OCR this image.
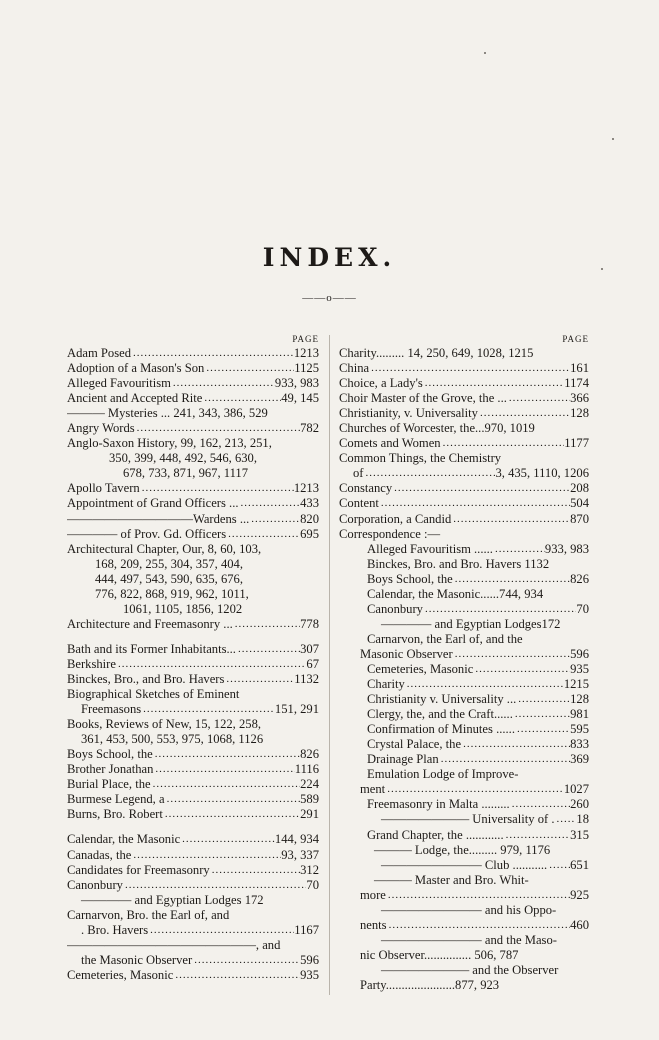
INDEX.
——o——
PAGE
Adam Posed .....	1213
Adoption of a Mason's Son .....	1125
Alleged Favouritism .....	933, 983
Ancient and Accepted Rite .....	49, 145
——— Mysteries ... 241, 343, 386, 529
Angry Words .....	782
Anglo-Saxon History, 99, 162, 213, 251,
350, 399, 448, 492, 546, 630,
678, 733, 871, 967, 1117
Apollo Tavern .....	1213
Appointment of Grand Officers ... .....	433
——————————Wardens ... .....	820
———— of Prov. Gd. Officers .....	695
Architectural Chapter, Our, 8, 60, 103,
168, 209, 255, 304, 357, 404,
444, 497, 543, 590, 635, 676,
776, 822, 868, 919, 962, 1011,
1061, 1105, 1856, 1202
Architecture and Freemasonry ... .....	778
Bath and its Former Inhabitants... .....	307
Berkshire .....	67
Binckes, Bro., and Bro. Havers .....	1132
Biographical Sketches of Eminent
Freemasons .....	151, 291
Books, Reviews of New, 15, 122, 258,
361, 453, 500, 553, 975, 1068, 1126
Boys School, the .....	826
Brother Jonathan .....	1116
Burial Place, the .....	224
Burmese Legend, a .....	589
Burns, Bro. Robert .....	291
Calendar, the Masonic .....	144, 934
Canadas, the .....	93, 337
Candidates for Freemasonry .....	312
Canonbury .....	70
———— and Egyptian Lodges 172
Carnarvon, Bro. the Earl of, and
. Bro. Havers .....	1167
———————————————, and
the Masonic Observer .....	596
Cemeteries, Masonic .....	935
PAGE
Charity......... 14, 250, 649, 1028, 1215
China .....	161
Choice, a Lady's .....	1174
Choir Master of the Grove, the ... .....	366
Christianity, v. Universality .....	128
Churches of Worcester, the...970, 1019
Comets and Women .....	1177
Common Things, the Chemistry
of .....	3, 435, 1110, 1206
Constancy .....	208
Content .....	504
Corporation, a Candid .....	870
Correspondence :—
Alleged Favouritism ...... .....	933, 983
Binckes, Bro. and Bro. Havers 1132
Boys School, the .....	826
Calendar, the Masonic......744, 934
Canonbury .....	70
———— and Egyptian Lodges172
Carnarvon, the Earl of, and the
Masonic Observer .....	596
Cemeteries, Masonic .....	935
Charity .....	1215
Christianity v. Universality ... .....	128
Clergy, the, and the Craft...... .....	981
Confirmation of Minutes ...... .....	595
Crystal Palace, the .....	833
Drainage Plan .....	369
Emulation Lodge of Improve-
ment .....	1027
Freemasonry in Malta ......... .....	260
——————— Universality of . ..... 18
Grand Chapter, the ............ .....	315
——— Lodge, the......... 979, 1176
———————— Club ........... ..... 651
——— Master and Bro. Whit-
more .....	925
———————— and his Oppo-
nents .....	460
———————— and the Maso-
nic Observer............... 506, 787
——————— and the Observer
Party......................877, 923
